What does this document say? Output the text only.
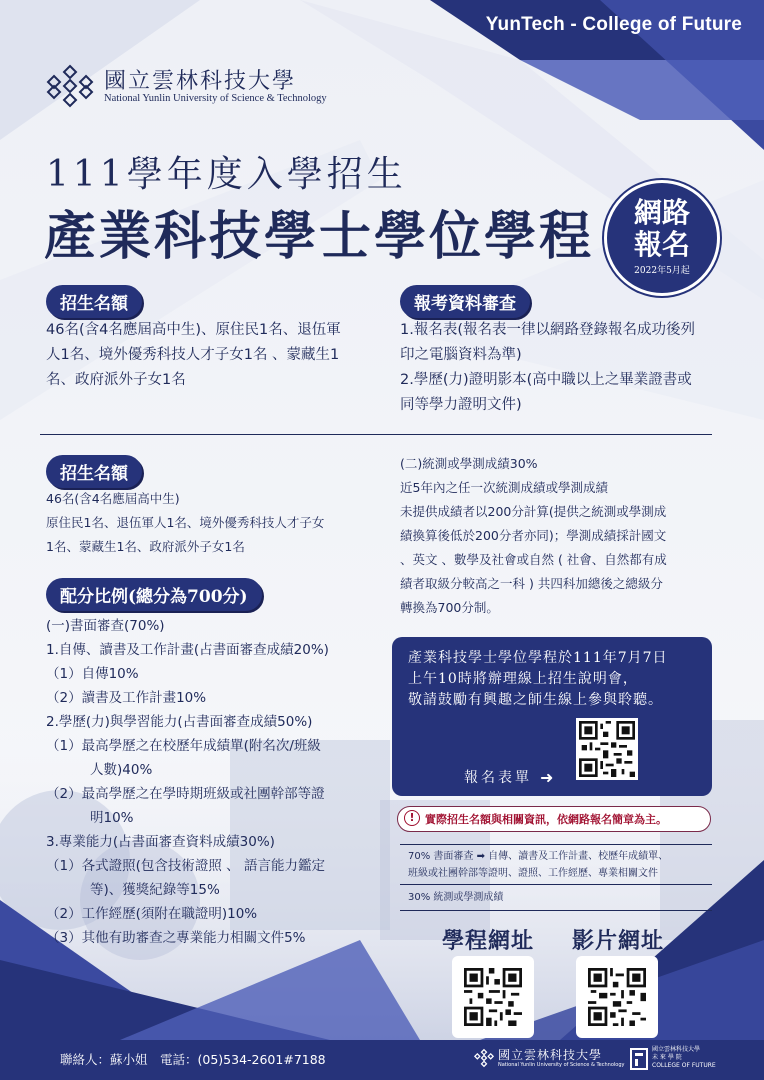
YunTech - College of Future
國立雲林科技大學
National Yunlin University of Science & Technology
111學年度入學招生
產業科技學士學位學程	網路
報名
2022年5月起
招生名額
46名(含4名應屆高中生)、原住民1名、退伍軍
人1名、境外優秀科技人才子女1名 、蒙藏生1
名、政府派外子女1名
報考資料審查
1.報名表(報名表一律以網路登錄報名成功後列
印之電腦資料為準)
2.學歷(力)證明影本(高中職以上之畢業證書或
同等學力證明文件)
招生名額
46名(含4名應屆高中生)
原住民1名、退伍軍人1名、境外優秀科技人才子女
1名、蒙藏生1名、政府派外子女1名
配分比例(總分為700分)
(一)書面審查(70%)
1.自傳、讀書及工作計畫(占書面審查成績20%)
（1）自傳10%
（2）讀書及工作計畫10%
2.學歷(力)與學習能力(占書面審查成績50%)
（1）最高學歷之在校歷年成績單(附名次/班級
人數)40%
（2）最高學歷之在學時期班級或社團幹部等證
明10%
3.專業能力(占書面審查資料成績30%)
（1）各式證照(包含技術證照 、 語言能力鑑定
等)、獲獎紀錄等15%
（2）工作經歷(須附在職證明)10%
（3）其他有助審查之專業能力相關文件5%
(二)統測或學測成績30%
近5年內之任一次統測成績或學測成績
未提供成績者以200分計算(提供之統測或學測成
績換算後低於200分者亦同)；學測成績採計國文
、英文 、數學及社會或自然 ( 社會、自然都有成
績者取級分較高之一科 ) 共四科加總後之總級分
轉換為700分制。
產業科技學士學位學程於111年7月7日
上午10時將辦理線上招生說明會，
敬請鼓勵有興趣之師生線上參與聆聽。
報名表單 ➜
! 實際招生名額與相關資訊，依網路報名簡章為主。
70% 書面審查 ➡ 自傳、讀書及工作計畫、校歷年成績單、
班級或社團幹部等證明、證照、工作經歷、專業相關文件
30% 統測或學測成績
學程網址 影片網址
聯絡人：蘇小姐　電話：(05)534-2601#7188	國立雲林科技大學
National Yunlin University of Science & Technology
國立雲林科技大學
未 來 學 院
COLLEGE OF FUTURE
